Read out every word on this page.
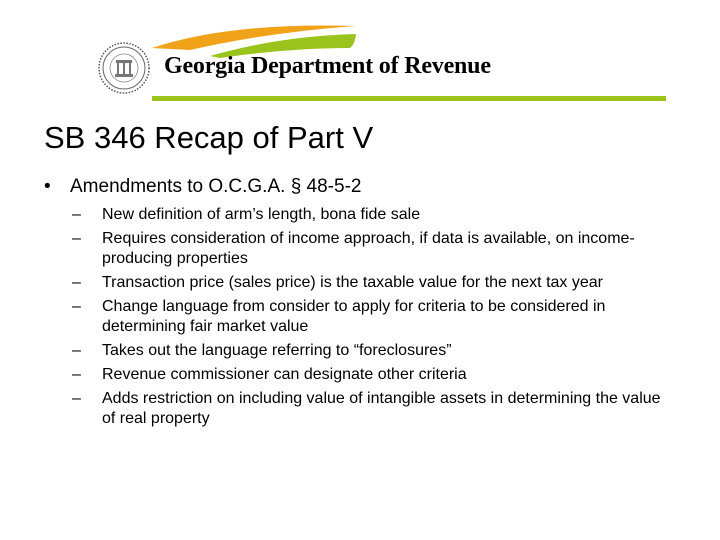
Georgia Department of Revenue
SB 346 Recap of Part V
• Amendments to O.C.G.A. § 48-5-2
– New definition of arm’s length, bona fide sale
– Requires consideration of income approach, if data is available, on income-producing properties
– Transaction price (sales price) is the taxable value for the next tax year
– Change language from consider to apply for criteria to be considered in determining fair market value
– Takes out the language referring to “foreclosures”
– Revenue commissioner can designate other criteria
– Adds restriction on including value of intangible assets in determining the value of real property
